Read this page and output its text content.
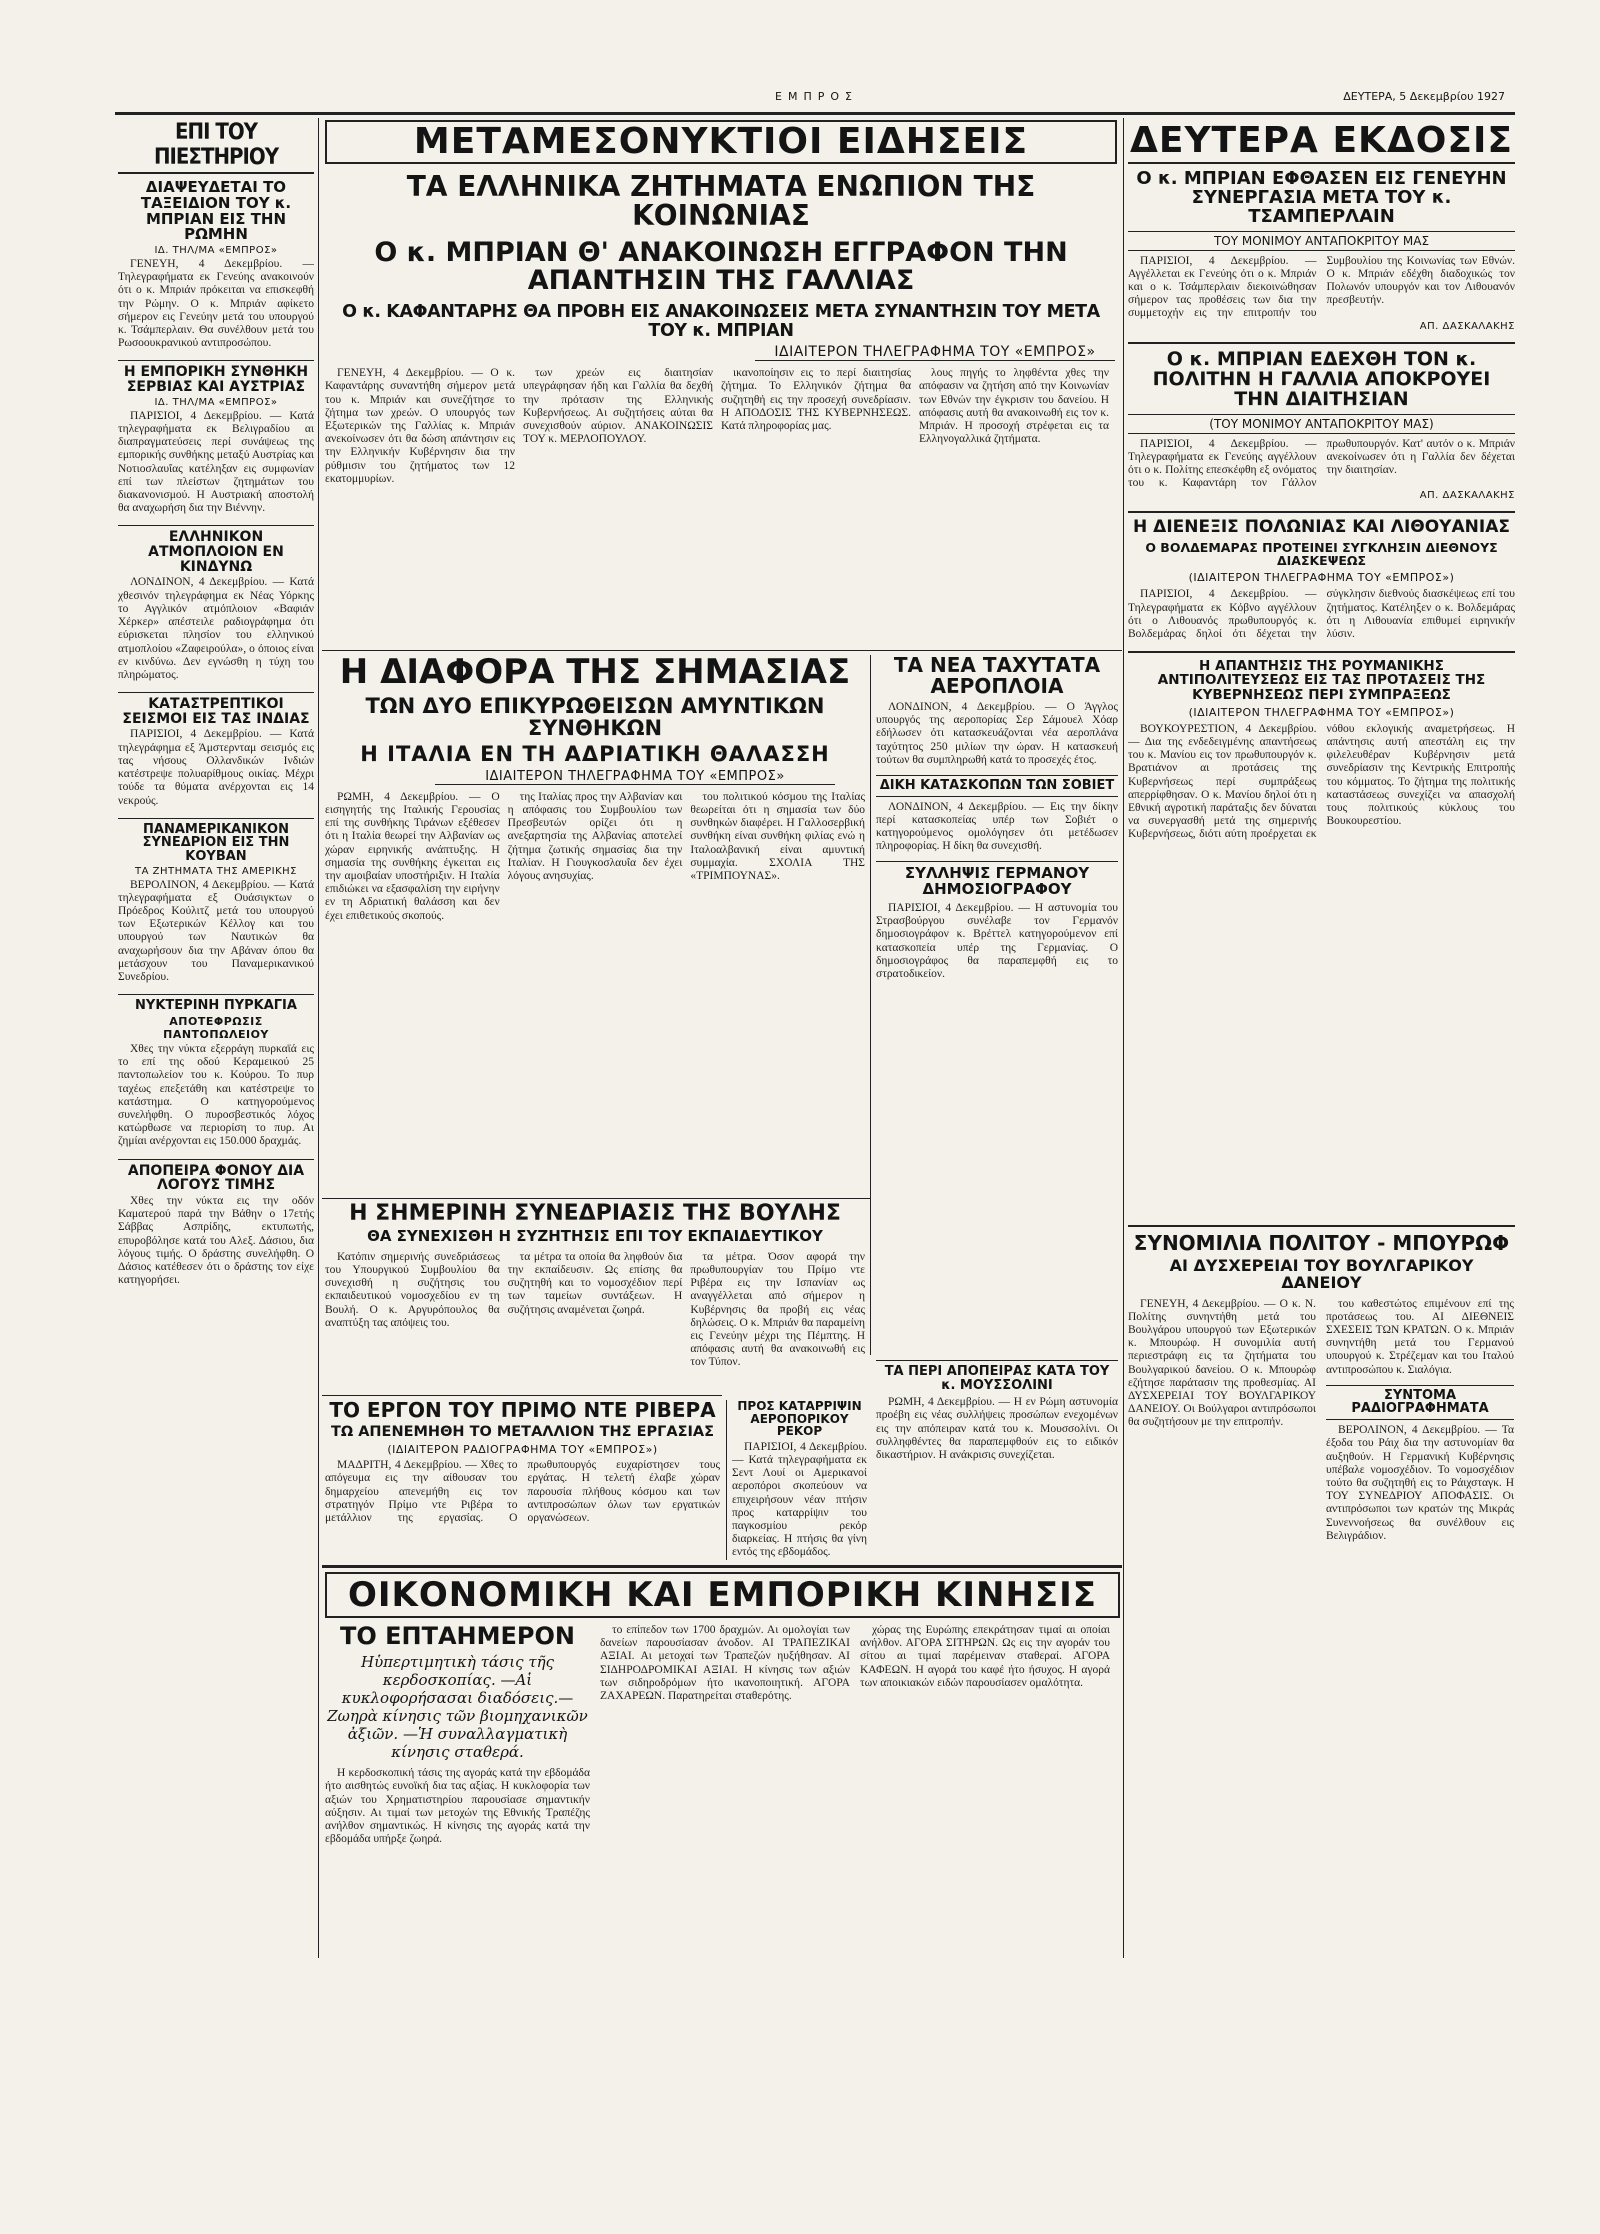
ΕΜΠΡΟΣ	ΔΕΥΤΕΡΑ, 5 Δεκεμβρίου 1927
ΕΠΙ ΤΟΥ ΠΙΕΣΤΗΡΙΟΥ
ΔΙΑΨΕΥΔΕΤΑΙ ΤΟ ΤΑΞΕΙΔΙΟΝ ΤΟΥ κ. ΜΠΡΙΑΝ ΕΙΣ ΤΗΝ ΡΩΜΗΝ
ΙΔ. ΤΗΛ/ΜΑ «ΕΜΠΡΟΣ»

ΓΕΝΕΥΗ, 4 Δεκεμβρίου. — Τηλεγραφήματα εκ Γενεύης ανακοινούν ότι ο κ. Μπριάν πρόκειται να επισκεφθή την Ρώμην. Ο κ. Μπριάν αφίκετο σήμερον εις Γενεύην μετά του υπουργού κ. Τσάμπερλαιν. Θα συνέλθουν μετά του Ρωσοουκρανικού αντιπροσώπου.

Η ΕΜΠΟΡΙΚΗ ΣΥΝΘΗΚΗ ΣΕΡΒΙΑΣ ΚΑΙ ΑΥΣΤΡΙΑΣ
ΙΔ. ΤΗΛ/ΜΑ «ΕΜΠΡΟΣ»

ΠΑΡΙΣΙΟΙ, 4 Δεκεμβρίου. — Κατά τηλεγραφήματα εκ Βελιγραδίου αι διαπραγματεύσεις περί συνάψεως της εμπορικής συνθήκης μεταξύ Αυστρίας και Νοτιοσλαυΐας κατέληξαν εις συμφωνίαν επί των πλείστων ζητημάτων του διακανονισμού. Η Αυστριακή αποστολή θα αναχωρήση δια την Βιέννην.

ΕΛΛΗΝΙΚΟΝ ΑΤΜΟΠΛΟΙΟΝ ΕΝ ΚΙΝΔΥΝΩ

ΛΟΝΔΙΝΟΝ, 4 Δεκεμβρίου. — Κατά χθεσινόν τηλεγράφημα εκ Νέας Υόρκης το Αγγλικόν ατμόπλοιον «Βαφιάν Χέρκερ» απέστειλε ραδιογράφημα ότι εύρισκεται πλησίον του ελληνικού ατμοπλοίου «Ζαφειρούλα», ο όποιος είναι εν κινδύνω. Δεν εγνώσθη η τύχη του πληρώματος.

ΚΑΤΑΣΤΡΕΠΤΙΚΟΙ ΣΕΙΣΜΟΙ ΕΙΣ ΤΑΣ ΙΝΔΙΑΣ

ΠΑΡΙΣΙΟΙ, 4 Δεκεμβρίου. — Κατά τηλεγράφημα εξ Άμστερνταμ σεισμός εις τας νήσους Ολλανδικών Ινδιών κατέστρεψε πολυαρίθμους οικίας. Μέχρι τούδε τα θύματα ανέρχονται εις 14 νεκρούς.

ΠΑΝΑΜΕΡΙΚΑΝΙΚΟΝ ΣΥΝΕΔΡΙΟΝ ΕΙΣ ΤΗΝ ΚΟΥΒΑΝ
ΤΑ ΖΗΤΗΜΑΤΑ ΤΗΣ ΑΜΕΡΙΚΗΣ

ΒΕΡΟΛΙΝΟΝ, 4 Δεκεμβρίου. — Κατά τηλεγραφήματα εξ Ουάσιγκτων ο Πρόεδρος Κούλιτζ μετά του υπουργού των Εξωτερικών Κέλλογ και του υπουργού των Ναυτικών θα αναχωρήσουν δια την Αβάναν όπου θα μετάσχουν του Παναμερικανικού Συνεδρίου.

ΝΥΚΤΕΡΙΝΗ ΠΥΡΚΑΓΙΑ
ΑΠΟΤΕΦΡΩΣΙΣ ΠΑΝΤΟΠΩΛΕΙΟΥ

Χθες την νύκτα εξερράγη πυρκαϊά εις το επί της οδού Κεραμεικού 25 παντοπωλείον του κ. Κούρου. Το πυρ ταχέως επεξετάθη και κατέστρεψε το κατάστημα. Ο κατηγορούμενος συνελήφθη. Ο πυροσβεστικός λόχος κατώρθωσε να περιορίση το πυρ. Αι ζημίαι ανέρχονται εις 150.000 δραχμάς.

ΑΠΟΠΕΙΡΑ ΦΟΝΟΥ ΔΙΑ ΛΟΓΟΥΣ ΤΙΜΗΣ

Χθες την νύκτα εις την οδόν Καματερού παρά την Βάθην ο 17ετής Σάββας Ασπρίδης, εκτυπωτής, επυροβόλησε κατά του Αλεξ. Δάσιου, δια λόγους τιμής. Ο δράστης συνελήφθη. Ο Δάσιος κατέθεσεν ότι ο δράστης τον είχε κατηγορήσει.

ΜΕΤΑΜΕΣΟΝΥΚΤΙΟΙ ΕΙΔΗΣΕΙΣ
ΤΑ ΕΛΛΗΝΙΚΑ ΖΗΤΗΜΑΤΑ ΕΝΩΠΙΟΝ ΤΗΣ ΚΟΙΝΩΝΙΑΣ
Ο κ. ΜΠΡΙΑΝ Θ' ΑΝΑΚΟΙΝΩΣΗ ΕΓΓΡΑΦΟΝ ΤΗΝ ΑΠΑΝΤΗΣΙΝ ΤΗΣ ΓΑΛΛΙΑΣ
Ο κ. ΚΑΦΑΝΤΑΡΗΣ ΘΑ ΠΡΟΒΗ ΕΙΣ ΑΝΑΚΟΙΝΩΣΕΙΣ ΜΕΤΑ ΣΥΝΑΝΤΗΣΙΝ ΤΟΥ ΜΕΤΑ ΤΟΥ κ. ΜΠΡΙΑΝ
ΙΔΙΑΙΤΕΡΟΝ ΤΗΛΕΓΡΑΦΗΜΑ ΤΟΥ «ΕΜΠΡΟΣ»

ΓΕΝΕΥΗ, 4 Δεκεμβρίου. — Ο κ. Καφαντάρης συναντήθη σήμερον μετά του κ. Μπριάν και συνεζήτησε το ζήτημα των χρεών. Ο υπουργός των Εξωτερικών της Γαλλίας κ. Μπριάν ανεκοίνωσεν ότι θα δώση απάντησιν εις την Ελληνικήν Κυβέρνησιν δια την ρύθμισιν του ζητήματος των 12 εκατομμυρίων.

των χρεών εις διαιτησίαν υπεγράφησαν ήδη και Γαλλία θα δεχθή την πρότασιν της Ελληνικής Κυβερνήσεως. Αι συζητήσεις αύται θα συνεχισθούν αύριον. ΑΝΑΚΟΙΝΩΣΙΣ ΤΟΥ κ. ΜΕΡΛΟΠΟΥΛΟΥ.

ικανοποίησιν εις το περί διαιτησίας ζήτημα. Το Ελληνικόν ζήτημα θα συζητηθή εις την προσεχή συνεδρίασιν. Η ΑΠΟΔΟΣΙΣ ΤΗΣ ΚΥΒΕΡΝΗΣΕΩΣ. Κατά πληροφορίας μας.

λους πηγής το ληφθέντα χθες την απόφασιν να ζητήση από την Κοινωνίαν των Εθνών την έγκρισιν του δανείου. Η απόφασις αυτή θα ανακοινωθή εις τον κ. Μπριάν. Η προσοχή στρέφεται εις τα Ελληνογαλλικά ζητήματα.

ΔΕΥΤΕΡΑ ΕΚΔΟΣΙΣ
Ο κ. ΜΠΡΙΑΝ ΕΦΘΑΣΕΝ ΕΙΣ ΓΕΝΕΥΗΝ ΣΥΝΕΡΓΑΣΙΑ ΜΕΤΑ ΤΟΥ κ. ΤΣΑΜΠΕΡΛΑΙΝ
ΤΟΥ ΜΟΝΙΜΟΥ ΑΝΤΑΠΟΚΡΙΤΟΥ ΜΑΣ

ΠΑΡΙΣΙΟΙ, 4 Δεκεμβρίου. — Αγγέλλεται εκ Γενεύης ότι ο κ. Μπριάν και ο κ. Τσάμπερλαιν διεκοινώθησαν σήμερον τας προθέσεις των δια την συμμετοχήν εις την επιτροπήν του Συμβουλίου της Κοινωνίας των Εθνών. Ο κ. Μπριάν εδέχθη διαδοχικώς τον Πολωνόν υπουργόν και τον Λιθουανόν πρεσβευτήν.

ΑΠ. ΔΑΣΚΑΛΑΚΗΣ
Ο κ. ΜΠΡΙΑΝ ΕΔΕΧΘΗ ΤΟΝ κ. ΠΟΛΙΤΗΝ Η ΓΑΛΛΙΑ ΑΠΟΚΡΟΥΕΙ ΤΗΝ ΔΙΑΙΤΗΣΙΑΝ
(ΤΟΥ ΜΟΝΙΜΟΥ ΑΝΤΑΠΟΚΡΙΤΟΥ ΜΑΣ)

ΠΑΡΙΣΙΟΙ, 4 Δεκεμβρίου. — Τηλεγραφήματα εκ Γενεύης αγγέλλουν ότι ο κ. Πολίτης επεσκέφθη εξ ονόματος του κ. Καφαντάρη τον Γάλλον πρωθυπουργόν. Κατ' αυτόν ο κ. Μπριάν ανεκοίνωσεν ότι η Γαλλία δεν δέχεται την διαιτησίαν.

ΑΠ. ΔΑΣΚΑΛΑΚΗΣ
Η ΔΙΕΝΕΞΙΣ ΠΟΛΩΝΙΑΣ ΚΑΙ ΛΙΘΟΥΑΝΙΑΣ
Ο ΒΟΛΔΕΜΑΡΑΣ ΠΡΟΤΕΙΝΕΙ ΣΥΓΚΛΗΣΙΝ ΔΙΕΘΝΟΥΣ ΔΙΑΣΚΕΨΕΩΣ
(ΙΔΙΑΙΤΕΡΟΝ ΤΗΛΕΓΡΑΦΗΜΑ ΤΟΥ «ΕΜΠΡΟΣ»)

ΠΑΡΙΣΙΟΙ, 4 Δεκεμβρίου. — Τηλεγραφήματα εκ Κόβνο αγγέλλουν ότι ο Λιθουανός πρωθυπουργός κ. Βολδεμάρας δηλοί ότι δέχεται την σύγκλησιν διεθνούς διασκέψεως επί του ζητήματος. Κατέληξεν ο κ. Βολδεμάρας ότι η Λιθουανία επιθυμεί ειρηνικήν λύσιν.

Η ΑΠΑΝΤΗΣΙΣ ΤΗΣ ΡΟΥΜΑΝΙΚΗΣ ΑΝΤΙΠΟΛΙΤΕΥΣΕΩΣ ΕΙΣ ΤΑΣ ΠΡΟΤΑΣΕΙΣ ΤΗΣ ΚΥΒΕΡΝΗΣΕΩΣ ΠΕΡΙ ΣΥΜΠΡΑΞΕΩΣ
(ΙΔΙΑΙΤΕΡΟΝ ΤΗΛΕΓΡΑΦΗΜΑ ΤΟΥ «ΕΜΠΡΟΣ»)

ΒΟΥΚΟΥΡΕΣΤΙΟΝ, 4 Δεκεμβρίου. — Δια της ενδεδειγμένης απαντήσεως του κ. Μανίου εις τον πρωθυπουργόν κ. Βρατιάνον αι προτάσεις της Κυβερνήσεως περί συμπράξεως απερρίφθησαν. Ο κ. Μανίου δηλοί ότι η Εθνική αγροτική παράταξις δεν δύναται να συνεργασθή μετά της σημερινής Κυβερνήσεως, διότι αύτη προέρχεται εκ νόθου εκλογικής αναμετρήσεως. Η απάντησις αυτή απεστάλη εις την φιλελευθέραν Κυβέρνησιν μετά συνεδρίασιν της Κεντρικής Επιτροπής του κόμματος. Το ζήτημα της πολιτικής καταστάσεως συνεχίζει να απασχολή τους πολιτικούς κύκλους του Βουκουρεστίου.

Η ΔΙΑΦΟΡΑ ΤΗΣ ΣΗΜΑΣΙΑΣ
ΤΩΝ ΔΥΟ ΕΠΙΚΥΡΩΘΕΙΣΩΝ ΑΜΥΝΤΙΚΩΝ ΣΥΝΘΗΚΩΝ
Η ΙΤΑΛΙΑ ΕΝ ΤΗ ΑΔΡΙΑΤΙΚΗ ΘΑΛΑΣΣΗ
ΙΔΙΑΙΤΕΡΟΝ ΤΗΛΕΓΡΑΦΗΜΑ ΤΟΥ «ΕΜΠΡΟΣ»

ΡΩΜΗ, 4 Δεκεμβρίου. — Ο εισηγητής της Ιταλικής Γερουσίας επί της συνθήκης Τιράνων εξέθεσεν ότι η Ιταλία θεωρεί την Αλβανίαν ως χώραν ειρηνικής ανάπτυξης. Η σημασία της συνθήκης έγκειται εις την αμοιβαίαν υποστήριξιν. Η Ιταλία επιδιώκει να εξασφαλίση την ειρήνην εν τη Αδριατική θαλάσση και δεν έχει επιθετικούς σκοπούς.

της Ιταλίας προς την Αλβανίαν και η απόφασις του Συμβουλίου των Πρεσβευτών ορίζει ότι η ανεξαρτησία της Αλβανίας αποτελεί ζήτημα ζωτικής σημασίας δια την Ιταλίαν. Η Γιουγκοσλαυΐα δεν έχει λόγους ανησυχίας.

του πολιτικού κόσμου της Ιταλίας θεωρείται ότι η σημασία των δύο συνθηκών διαφέρει. Η Γαλλοσερβική συνθήκη είναι συνθήκη φιλίας ενώ η Ιταλοαλβανική είναι αμυντική συμμαχία. ΣΧΟΛΙΑ ΤΗΣ «ΤΡΙΜΠΟΥΝΑΣ».

ΤΑ ΝΕΑ ΤΑΧΥΤΑΤΑ ΑΕΡΟΠΛΟΙΑ

ΛΟΝΔΙΝΟΝ, 4 Δεκεμβρίου. — Ο Άγγλος υπουργός της αεροπορίας Σερ Σάμουελ Χόαρ εδήλωσεν ότι κατασκευάζονται νέα αεροπλάνα ταχύτητος 250 μιλίων την ώραν. Η κατασκευή τούτων θα συμπληρωθή κατά το προσεχές έτος.

ΔΙΚΗ ΚΑΤΑΣΚΟΠΩΝ ΤΩΝ ΣΟΒΙΕΤ

ΛΟΝΔΙΝΟΝ, 4 Δεκεμβρίου. — Εις την δίκην περί κατασκοπείας υπέρ των Σοβιέτ ο κατηγορούμενος ομολόγησεν ότι μετέδωσεν πληροφορίας. Η δίκη θα συνεχισθή.

ΣΥΛΛΗΨΙΣ ΓΕΡΜΑΝΟΥ ΔΗΜΟΣΙΟΓΡΑΦΟΥ

ΠΑΡΙΣΙΟΙ, 4 Δεκεμβρίου. — Η αστυνομία του Στρασβούργου συνέλαβε τον Γερμανόν δημοσιογράφον κ. Βρέττελ κατηγορούμενον επί κατασκοπεία υπέρ της Γερμανίας. Ο δημοσιογράφος θα παραπεμφθή εις το στρατοδικείον.

Η ΣΗΜΕΡΙΝΗ ΣΥΝΕΔΡΙΑΣΙΣ ΤΗΣ ΒΟΥΛΗΣ
ΘΑ ΣΥΝΕΧΙΣΘΗ Η ΣΥΖΗΤΗΣΙΣ ΕΠΙ ΤΟΥ ΕΚΠΑΙΔΕΥΤΙΚΟΥ

Κατόπιν σημερινής συνεδριάσεως του Υπουργικού Συμβουλίου θα συνεχισθή η συζήτησις του εκπαιδευτικού νομοσχεδίου εν τη Βουλή. Ο κ. Αργυρόπουλος θα αναπτύξη τας απόψεις του.

τα μέτρα τα οποία θα ληφθούν δια την εκπαίδευσιν. Ως επίσης θα συζητηθή και το νομοσχέδιον περί των ταμείων συντάξεων. Η συζήτησις αναμένεται ζωηρά.

τα μέτρα. Όσον αφορά την πρωθυπουργίαν του Πρίμο ντε Ριβέρα εις την Ισπανίαν ως αναγγέλλεται από σήμερον η Κυβέρνησις θα προβή εις νέας δηλώσεις. Ο κ. Μπριάν θα παραμείνη εις Γενεύην μέχρι της Πέμπτης. Η απόφασις αυτή θα ανακοινωθή εις τον Τύπον.

ΤΟ ΕΡΓΟΝ ΤΟΥ ΠΡΙΜΟ ΝΤΕ ΡΙΒΕΡΑ
ΤΩ ΑΠΕΝΕΜΗΘΗ ΤΟ ΜΕΤΑΛΛΙΟΝ ΤΗΣ ΕΡΓΑΣΙΑΣ
(ΙΔΙΑΙΤΕΡΟΝ ΡΑΔΙΟΓΡΑΦΗΜΑ ΤΟΥ «ΕΜΠΡΟΣ»)

ΜΑΔΡΙΤΗ, 4 Δεκεμβρίου. — Χθες το απόγευμα εις την αίθουσαν του δημαρχείου απενεμήθη εις τον στρατηγόν Πρίμο ντε Ριβέρα το μετάλλιον της εργασίας. Ο πρωθυπουργός ευχαρίστησεν τους εργάτας. Η τελετή έλαβε χώραν παρουσία πλήθους κόσμου και των αντιπροσώπων όλων των εργατικών οργανώσεων.

ΠΡΟΣ ΚΑΤΑΡΡΙΨΙΝ ΑΕΡΟΠΟΡΙΚΟΥ ΡΕΚΟΡ

ΠΑΡΙΣΙΟΙ, 4 Δεκεμβρίου. — Κατά τηλεγραφήματα εκ Σεντ Λουί οι Αμερικανοί αεροπόροι σκοπεύουν να επιχειρήσουν νέαν πτήσιν προς καταρρίψιν του παγκοσμίου ρεκόρ διαρκείας. Η πτήσις θα γίνη εντός της εβδομάδος.

ΤΑ ΠΕΡΙ ΑΠΟΠΕΙΡΑΣ ΚΑΤΑ ΤΟΥ κ. ΜΟΥΣΣΟΛΙΝΙ

ΡΩΜΗ, 4 Δεκεμβρίου. — Η εν Ρώμη αστυνομία προέβη εις νέας συλλήψεις προσώπων ενεχομένων εις την απόπειραν κατά του κ. Μουσσολίνι. Οι συλληφθέντες θα παραπεμφθούν εις το ειδικόν δικαστήριον. Η ανάκρισις συνεχίζεται.

ΣΥΝΟΜΙΛΙΑ ΠΟΛΙΤΟΥ - ΜΠΟΥΡΩΦ
ΑΙ ΔΥΣΧΕΡΕΙΑΙ ΤΟΥ ΒΟΥΛΓΑΡΙΚΟΥ ΔΑΝΕΙΟΥ

ΓΕΝΕΥΗ, 4 Δεκεμβρίου. — Ο κ. Ν. Πολίτης συνηντήθη μετά του Βουλγάρου υπουργού των Εξωτερικών κ. Μπουρώφ. Η συνομιλία αυτή περιεστράφη εις τα ζητήματα του Βουλγαρικού δανείου. Ο κ. Μπουρώφ εζήτησε παράτασιν της προθεσμίας. ΑΙ ΔΥΣΧΕΡΕΙΑΙ ΤΟΥ ΒΟΥΛΓΑΡΙΚΟΥ ΔΑΝΕΙΟΥ. Οι Βούλγαροι αντιπρόσωποι θα συζητήσουν με την επιτροπήν.

του καθεστώτος επιμένουν επί της προτάσεως του. ΑΙ ΔΙΕΘΝΕΙΣ ΣΧΕΣΕΙΣ ΤΩΝ ΚΡΑΤΩΝ. Ο κ. Μπριάν συνηντήθη μετά του Γερμανού υπουργού κ. Στρέζεμαν και του Ιταλού αντιπροσώπου κ. Σιαλόγια.

ΣΥΝΤΟΜΑ ΡΑΔΙΟΓΡΑΦΗΜΑΤΑ

ΒΕΡΟΛΙΝΟΝ, 4 Δεκεμβρίου. — Τα έξοδα του Ράιχ δια την αστυνομίαν θα αυξηθούν. Η Γερμανική Κυβέρνησις υπέβαλε νομοσχέδιον. Το νομοσχέδιον τούτο θα συζητηθή εις το Ράιχσταγκ. Η ΤΟΥ ΣΥΝΕΔΡΙΟΥ ΑΠΟΦΑΣΙΣ. Οι αντιπρόσωποι των κρατών της Μικράς Συνεννοήσεως θα συνέλθουν εις Βελιγράδιον.

ΟΙΚΟΝΟΜΙΚΗ ΚΑΙ ΕΜΠΟΡΙΚΗ ΚΙΝΗΣΙΣ
ΤΟ ΕΠΤΑΗΜΕΡΟΝ
Ηὑπερτιμητικὴ τάσις τῆς κερδοσκοπίας. —Αἱ κυκλοφορήσασαι διαδόσεις.—Ζωηρὰ κίνησις τῶν βιομηχανικῶν ἀξιῶν. —Ἡ συναλλαγματικὴ κίνησις σταθερά.

Η κερδοσκοπική τάσις της αγοράς κατά την εβδομάδα ήτο αισθητώς ευνοϊκή δια τας αξίας. Η κυκλοφορία των αξιών του Χρηματιστηρίου παρουσίασε σημαντικήν αύξησιν. Αι τιμαί των μετοχών της Εθνικής Τραπέζης ανήλθον σημαντικώς. Η κίνησις της αγοράς κατά την εβδομάδα υπήρξε ζωηρά.

το επίπεδον των 1700 δραχμών. Αι ομολογίαι των δανείων παρουσίασαν άνοδον. ΑΙ ΤΡΑΠΕΖΙΚΑΙ ΑΞΙΑΙ. Αι μετοχαί των Τραπεζών ηυξήθησαν. ΑΙ ΣΙΔΗΡΟΔΡΟΜΙΚΑΙ ΑΞΙΑΙ. Η κίνησις των αξιών των σιδηροδρόμων ήτο ικανοποιητική. ΑΓΟΡΑ ΖΑΧΑΡΕΩΝ. Παρατηρείται σταθερότης.

χώρας της Ευρώπης επεκράτησαν τιμαί αι οποίαι ανήλθον. ΑΓΟΡΑ ΣΙΤΗΡΩΝ. Ως εις την αγοράν του σίτου αι τιμαί παρέμειναν σταθεραί. ΑΓΟΡΑ ΚΑΦΕΩΝ. Η αγορά του καφέ ήτο ήσυχος. Η αγορά των αποικιακών ειδών παρουσίασεν ομαλότητα.
